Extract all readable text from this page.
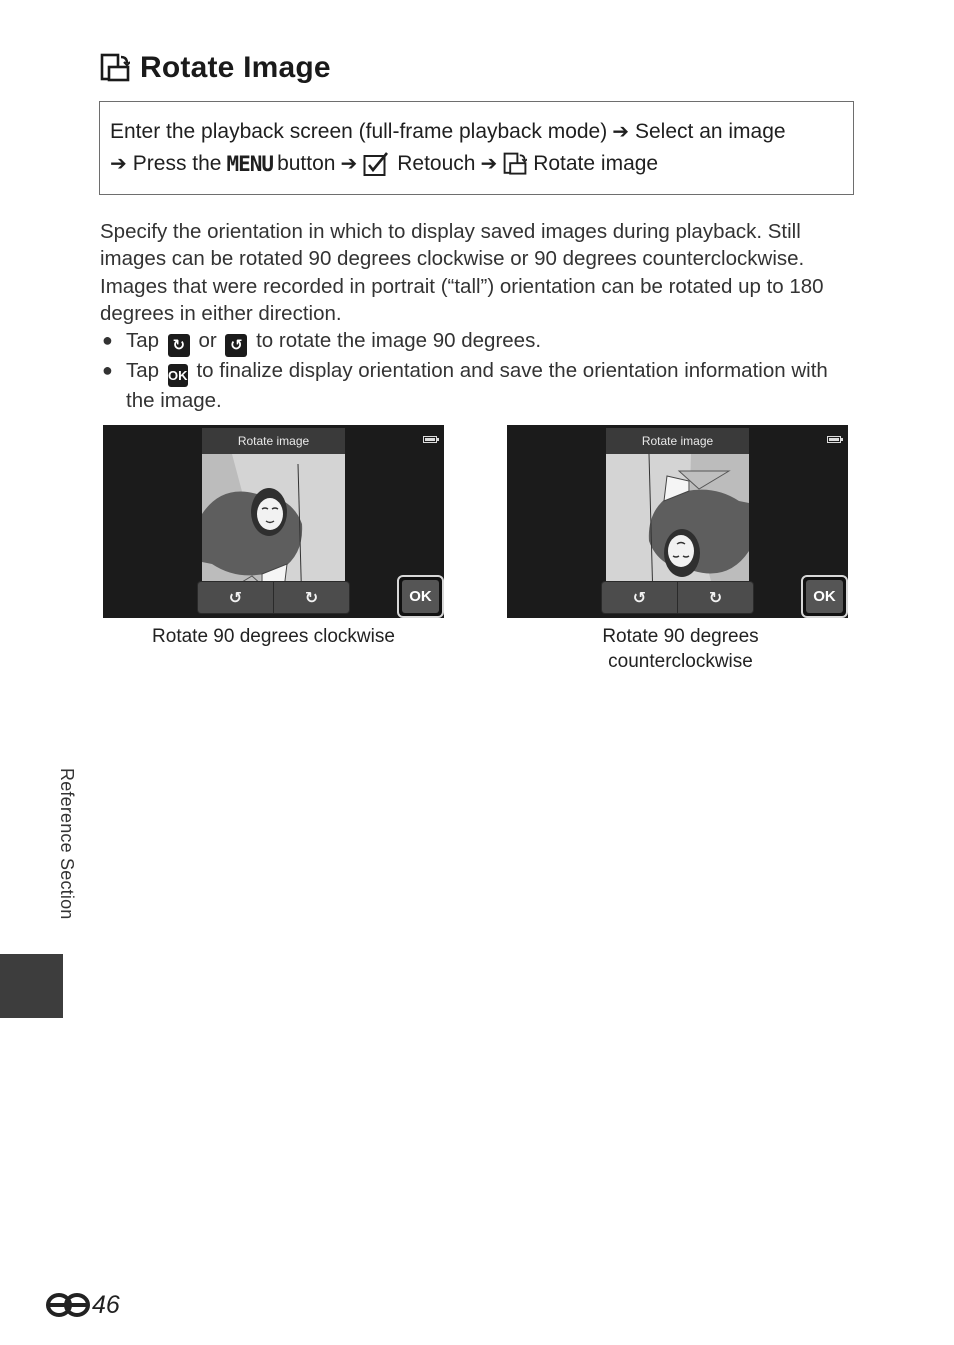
Rotate Image
Enter the playback screen (full-frame playback mode) ➔ Select an image
➔ Press the MENU button ➔ Retouch ➔ Rotate image

Specify the orientation in which to display saved images during playback. Still images can be rotated 90 degrees clockwise or 90 degrees counterclockwise. Images that were recorded in portrait (“tall”) orientation can be rotated up to 180 degrees in either direction.

● Tap ↻ or ↺ to rotate the image 90 degrees.
● Tap OK to finalize display orientation and save the orientation information with the image.
Rotate image
↺	↻	OK
Rotate 90 degrees clockwise
Rotate image
↺	↻	OK
Rotate 90 degrees counterclockwise
Reference Section
46
